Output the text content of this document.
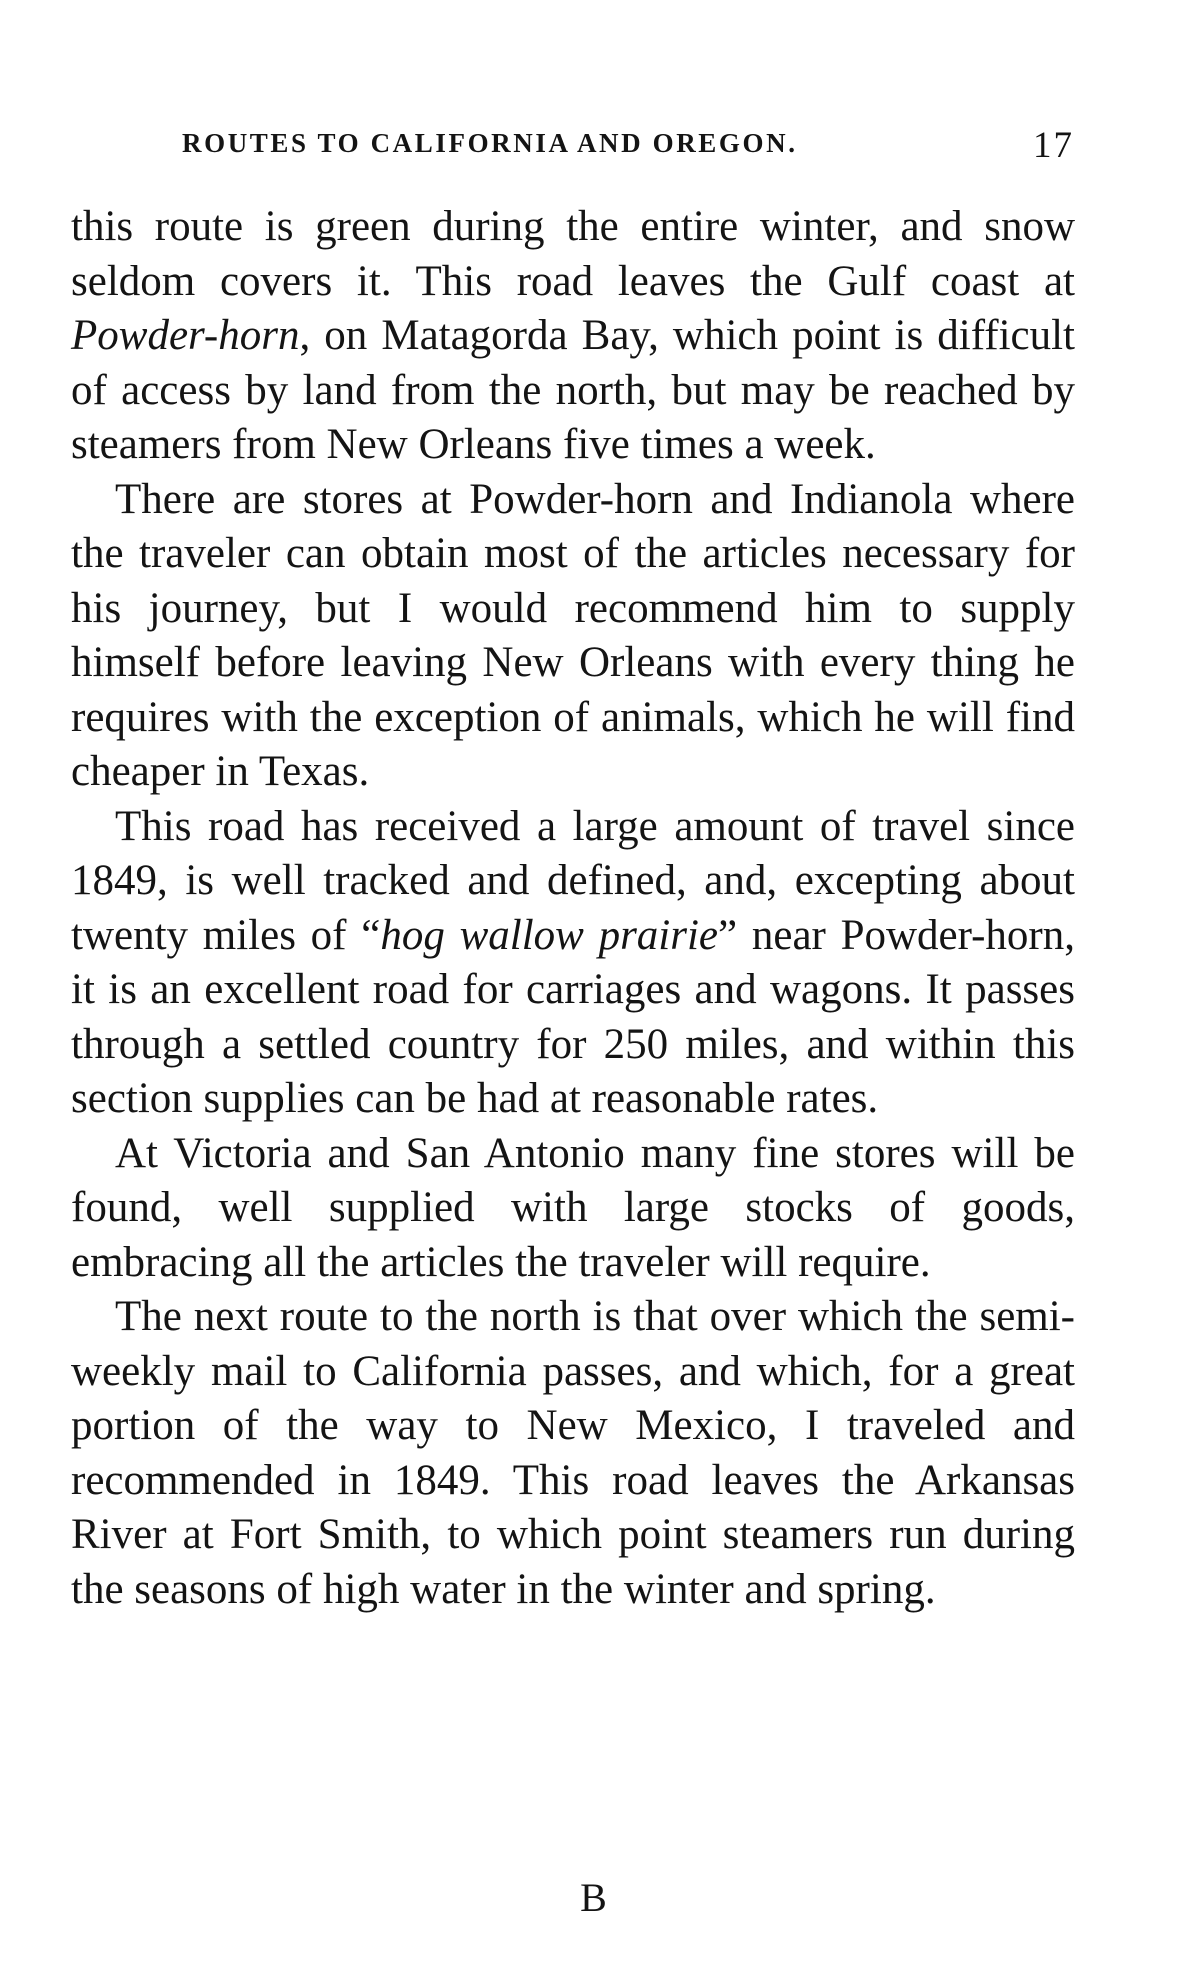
ROUTES TO CALIFORNIA AND OREGON.	17

this route is green during the entire winter, and snow seldom covers it. This road leaves the Gulf coast at Powder-horn, on Matagorda Bay, which point is difficult of access by land from the north, but may be reached by steamers from New Orleans five times a week.

There are stores at Powder-horn and Indianola where the traveler can obtain most of the articles necessary for his journey, but I would recommend him to supply himself before leaving New Orleans with every thing he requires with the exception of animals, which he will find cheaper in Texas.

This road has received a large amount of travel since 1849, is well tracked and defined, and, excepting about twenty miles of “hog wallow prairie” near Powder-horn, it is an excellent road for carriages and wagons. It passes through a settled country for 250 miles, and within this section supplies can be had at reasonable rates.

At Victoria and San Antonio many fine stores will be found, well supplied with large stocks of goods, embracing all the articles the traveler will require.

The next route to the north is that over which the semi-weekly mail to California passes, and which, for a great portion of the way to New Mexico, I traveled and recommended in 1849. This road leaves the Arkansas River at Fort Smith, to which point steamers run during the seasons of high water in the winter and spring.

B
